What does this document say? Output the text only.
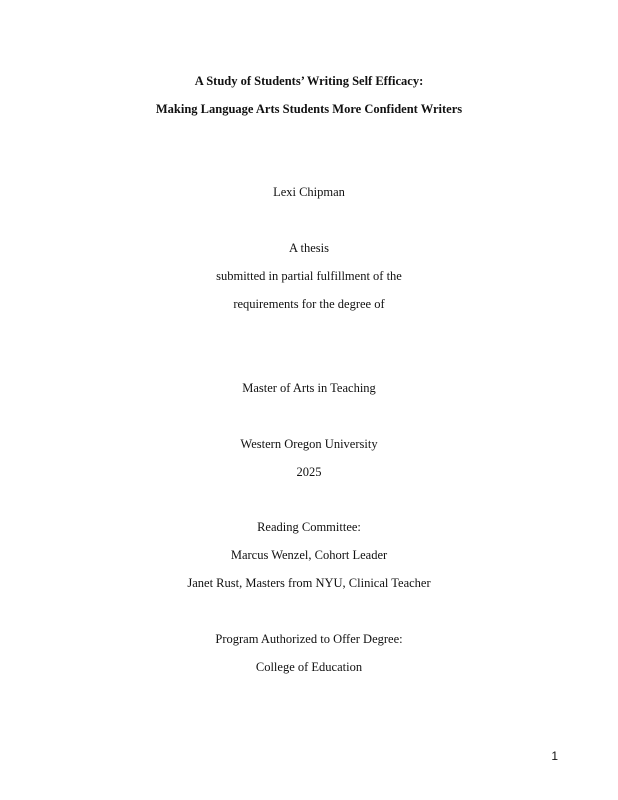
A Study of Students’ Writing Self Efficacy:
Making Language Arts Students More Confident Writers
Lexi Chipman
A thesis
submitted in partial fulfillment of the
requirements for the degree of
Master of Arts in Teaching
Western Oregon University
2025
Reading Committee:
Marcus Wenzel, Cohort Leader
Janet Rust, Masters from NYU, Clinical Teacher
Program Authorized to Offer Degree:
College of Education
1
